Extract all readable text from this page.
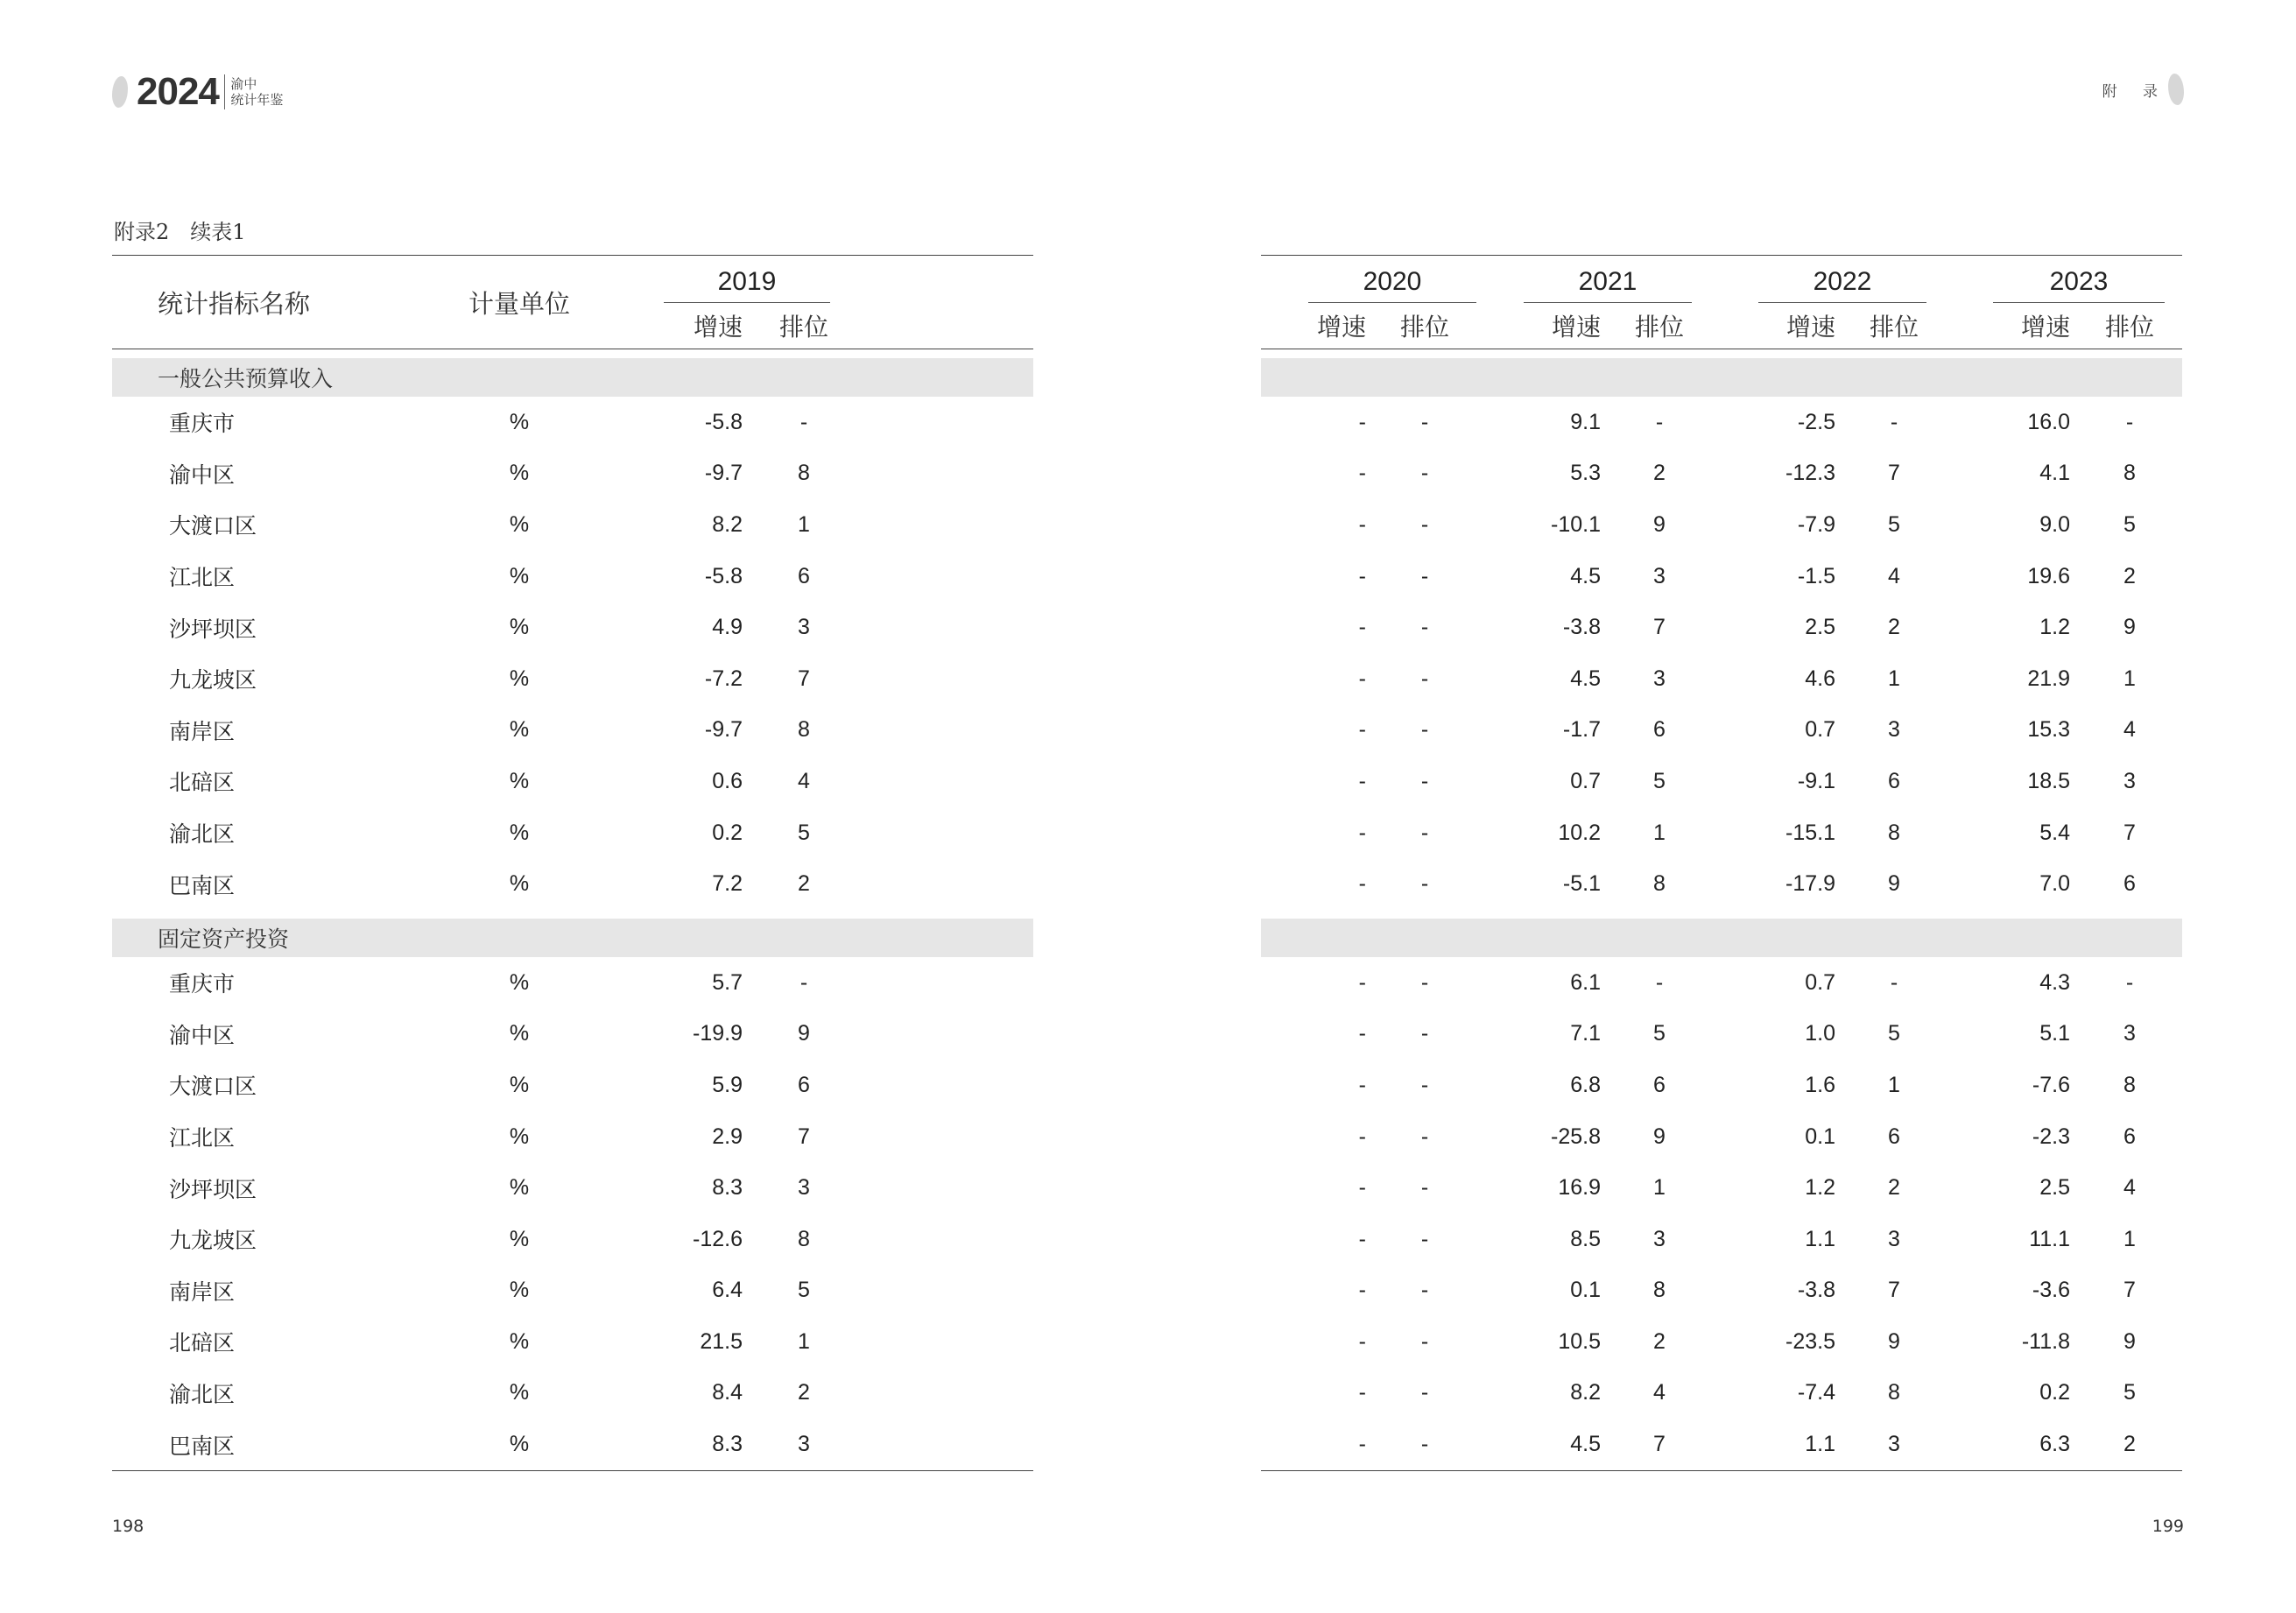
2024 渝中
统计年鉴	附 录
附录2　续表1
统计指标名称	计量单位	2019		

		增速	排位	

一般公共预算收入				
重庆市	%	-5.8	-	
渝中区	%	-9.7	8	
大渡口区	%	8.2	1	
江北区	%	-5.8	6	
沙坪坝区	%	4.9	3	
九龙坡区	%	-7.2	7	
南岸区	%	-9.7	8	
北碚区	%	0.6	4	
渝北区	%	0.2	5	
巴南区	%	7.2	2	

固定资产投资				
重庆市	%	5.7	-	
渝中区	%	-19.9	9	
大渡口区	%	5.9	6	
江北区	%	2.9	7	
沙坪坝区	%	8.3	3	
九龙坡区	%	-12.6	8	
南岸区	%	6.4	5	
北碚区	%	21.5	1	
渝北区	%	8.4	2	
巴南区	%	8.3	3	
2020		2021		2022		2023	

增速	排位	增速	排位	增速	排位	增速	排位

-	-	9.1	-	-2.5	-	16.0	-
-	-	5.3	2	-12.3	7	4.1	8
-	-	-10.1	9	-7.9	5	9.0	5
-	-	4.5	3	-1.5	4	19.6	2
-	-	-3.8	7	2.5	2	1.2	9
-	-	4.5	3	4.6	1	21.9	1
-	-	-1.7	6	0.7	3	15.3	4
-	-	0.7	5	-9.1	6	18.5	3
-	-	10.2	1	-15.1	8	5.4	7
-	-	-5.1	8	-17.9	9	7.0	6

-	-	6.1	-	0.7	-	4.3	-
-	-	7.1	5	1.0	5	5.1	3
-	-	6.8	6	1.6	1	-7.6	8
-	-	-25.8	9	0.1	6	-2.3	6
-	-	16.9	1	1.2	2	2.5	4
-	-	8.5	3	1.1	3	11.1	1
-	-	0.1	8	-3.8	7	-3.6	7
-	-	10.5	2	-23.5	9	-11.8	9
-	-	8.2	4	-7.4	8	0.2	5
-	-	4.5	7	1.1	3	6.3	2
198	199
